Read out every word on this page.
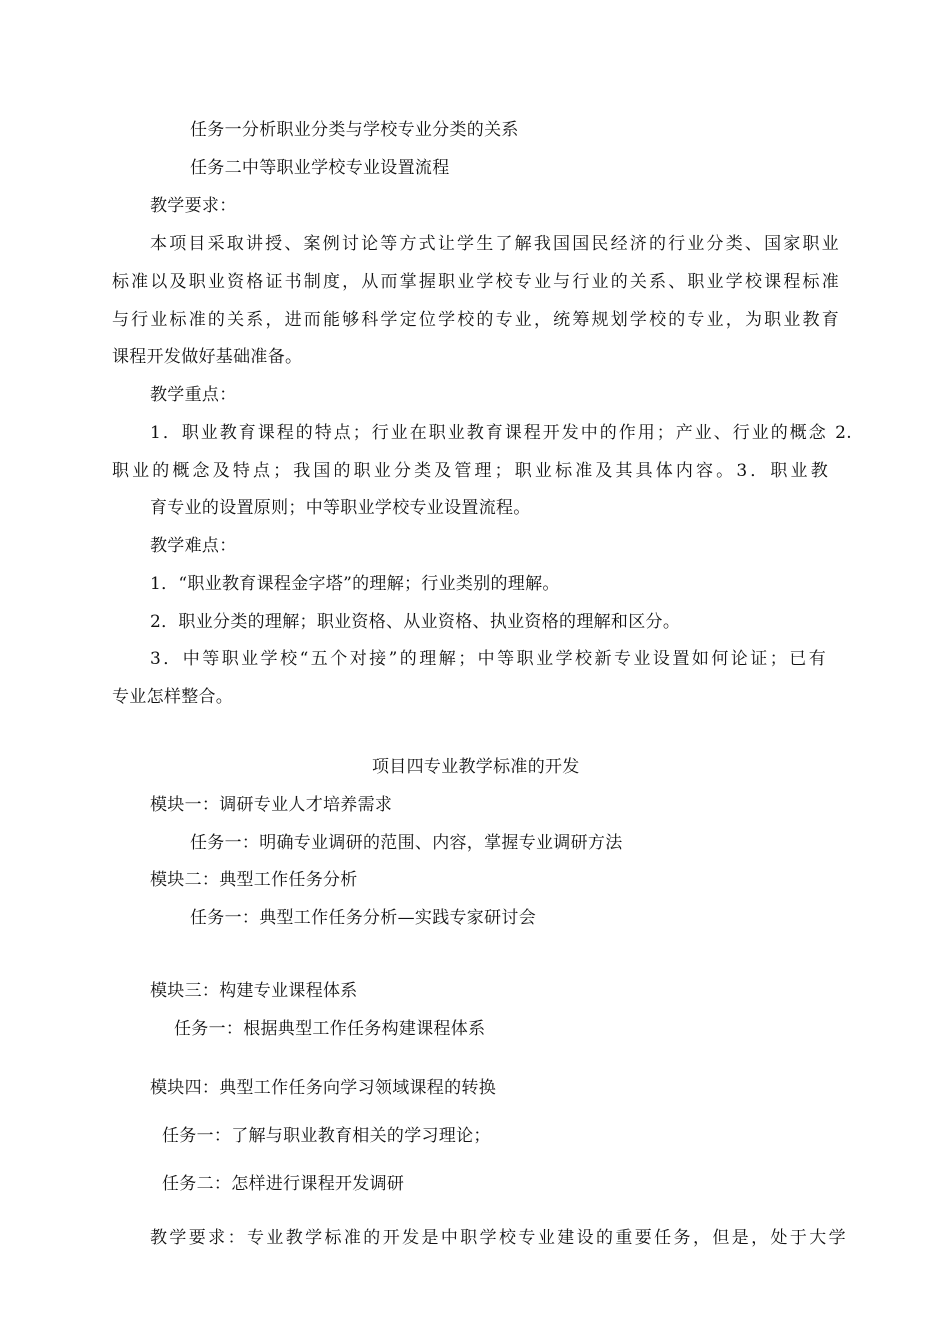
任务一分析职业分类与学校专业分类的关系
任务二中等职业学校专业设置流程
教学要求：
本项目采取讲授、案例讨论等方式让学生了解我国国民经济的行业分类、国家职业
标准以及职业资格证书制度，从而掌握职业学校专业与行业的关系、职业学校课程标准
与行业标准的关系，进而能够科学定位学校的专业，统筹规划学校的专业，为职业教育
课程开发做好基础准备。
教学重点：
1．职业教育课程的特点；行业在职业教育课程开发中的作用；产业、行业的概念 2.
职业的概念及特点；我国的职业分类及管理；职业标准及其具体内容。3．职业教
育专业的设置原则；中等职业学校专业设置流程。
教学难点：
1．“职业教育课程金字塔”的理解；行业类别的理解。
2．职业分类的理解；职业资格、从业资格、执业资格的理解和区分。
3．中等职业学校“五个对接”的理解；中等职业学校新专业设置如何论证；已有
专业怎样整合。
项目四专业教学标准的开发
模块一：调研专业人才培养需求
任务一：明确专业调研的范围、内容，掌握专业调研方法
模块二：典型工作任务分析
任务一：典型工作任务分析—实践专家研讨会
模块三：构建专业课程体系
任务一：根据典型工作任务构建课程体系
模块四：典型工作任务向学习领域课程的转换
任务一：了解与职业教育相关的学习理论；
任务二：怎样进行课程开发调研
教学要求：专业教学标准的开发是中职学校专业建设的重要任务，但是，处于大学
